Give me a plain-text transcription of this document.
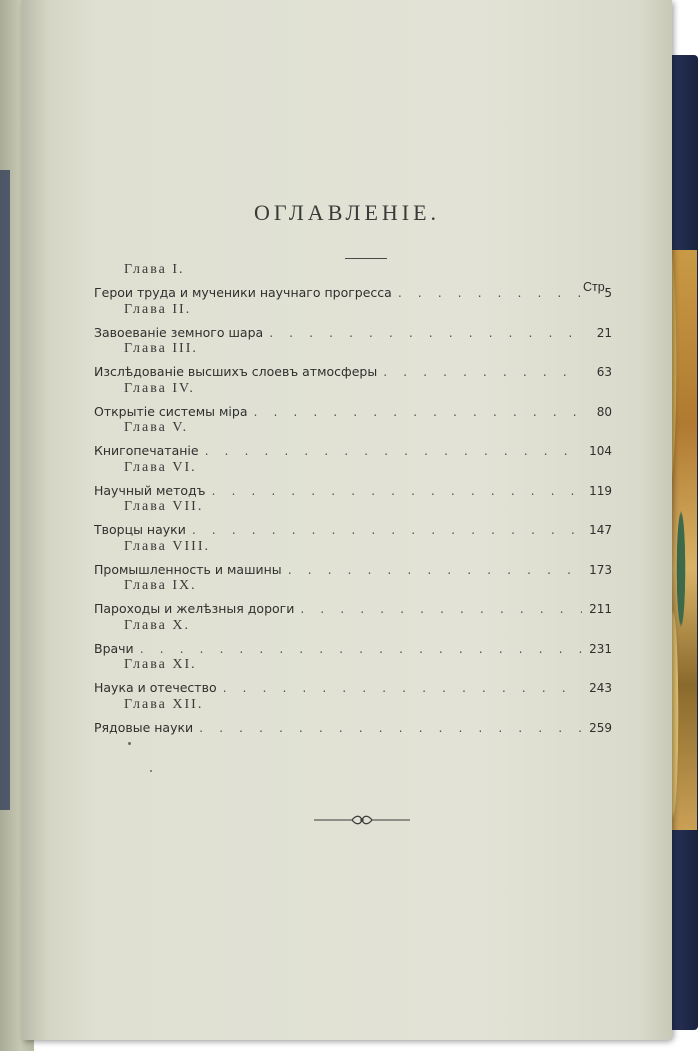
ОГЛАВЛЕНІЕ.
Стр.
Глава I.
Герои труда и мученики научнаго прогресса . . .	5
Глава II.
Завоеваніе земного шара . . .	21
Глава III.
Изслѣдованіе высшихъ слоевъ атмосферы . . .	63
Глава IV.
Открытіе системы міра . . .	80
Глава V.
Книгопечатаніе . . .	104
Глава VI.
Научный методъ . . .	119
Глава VII.
Творцы науки . . .	147
Глава VIII.
Промышленность и машины . . .	173
Глава IX.
Пароходы и желѣзныя дороги . . .	211
Глава X.
Врачи . . .	231
Глава XI.
Наука и отечество . . .	243
Глава XII.
Рядовые науки . . .	259
